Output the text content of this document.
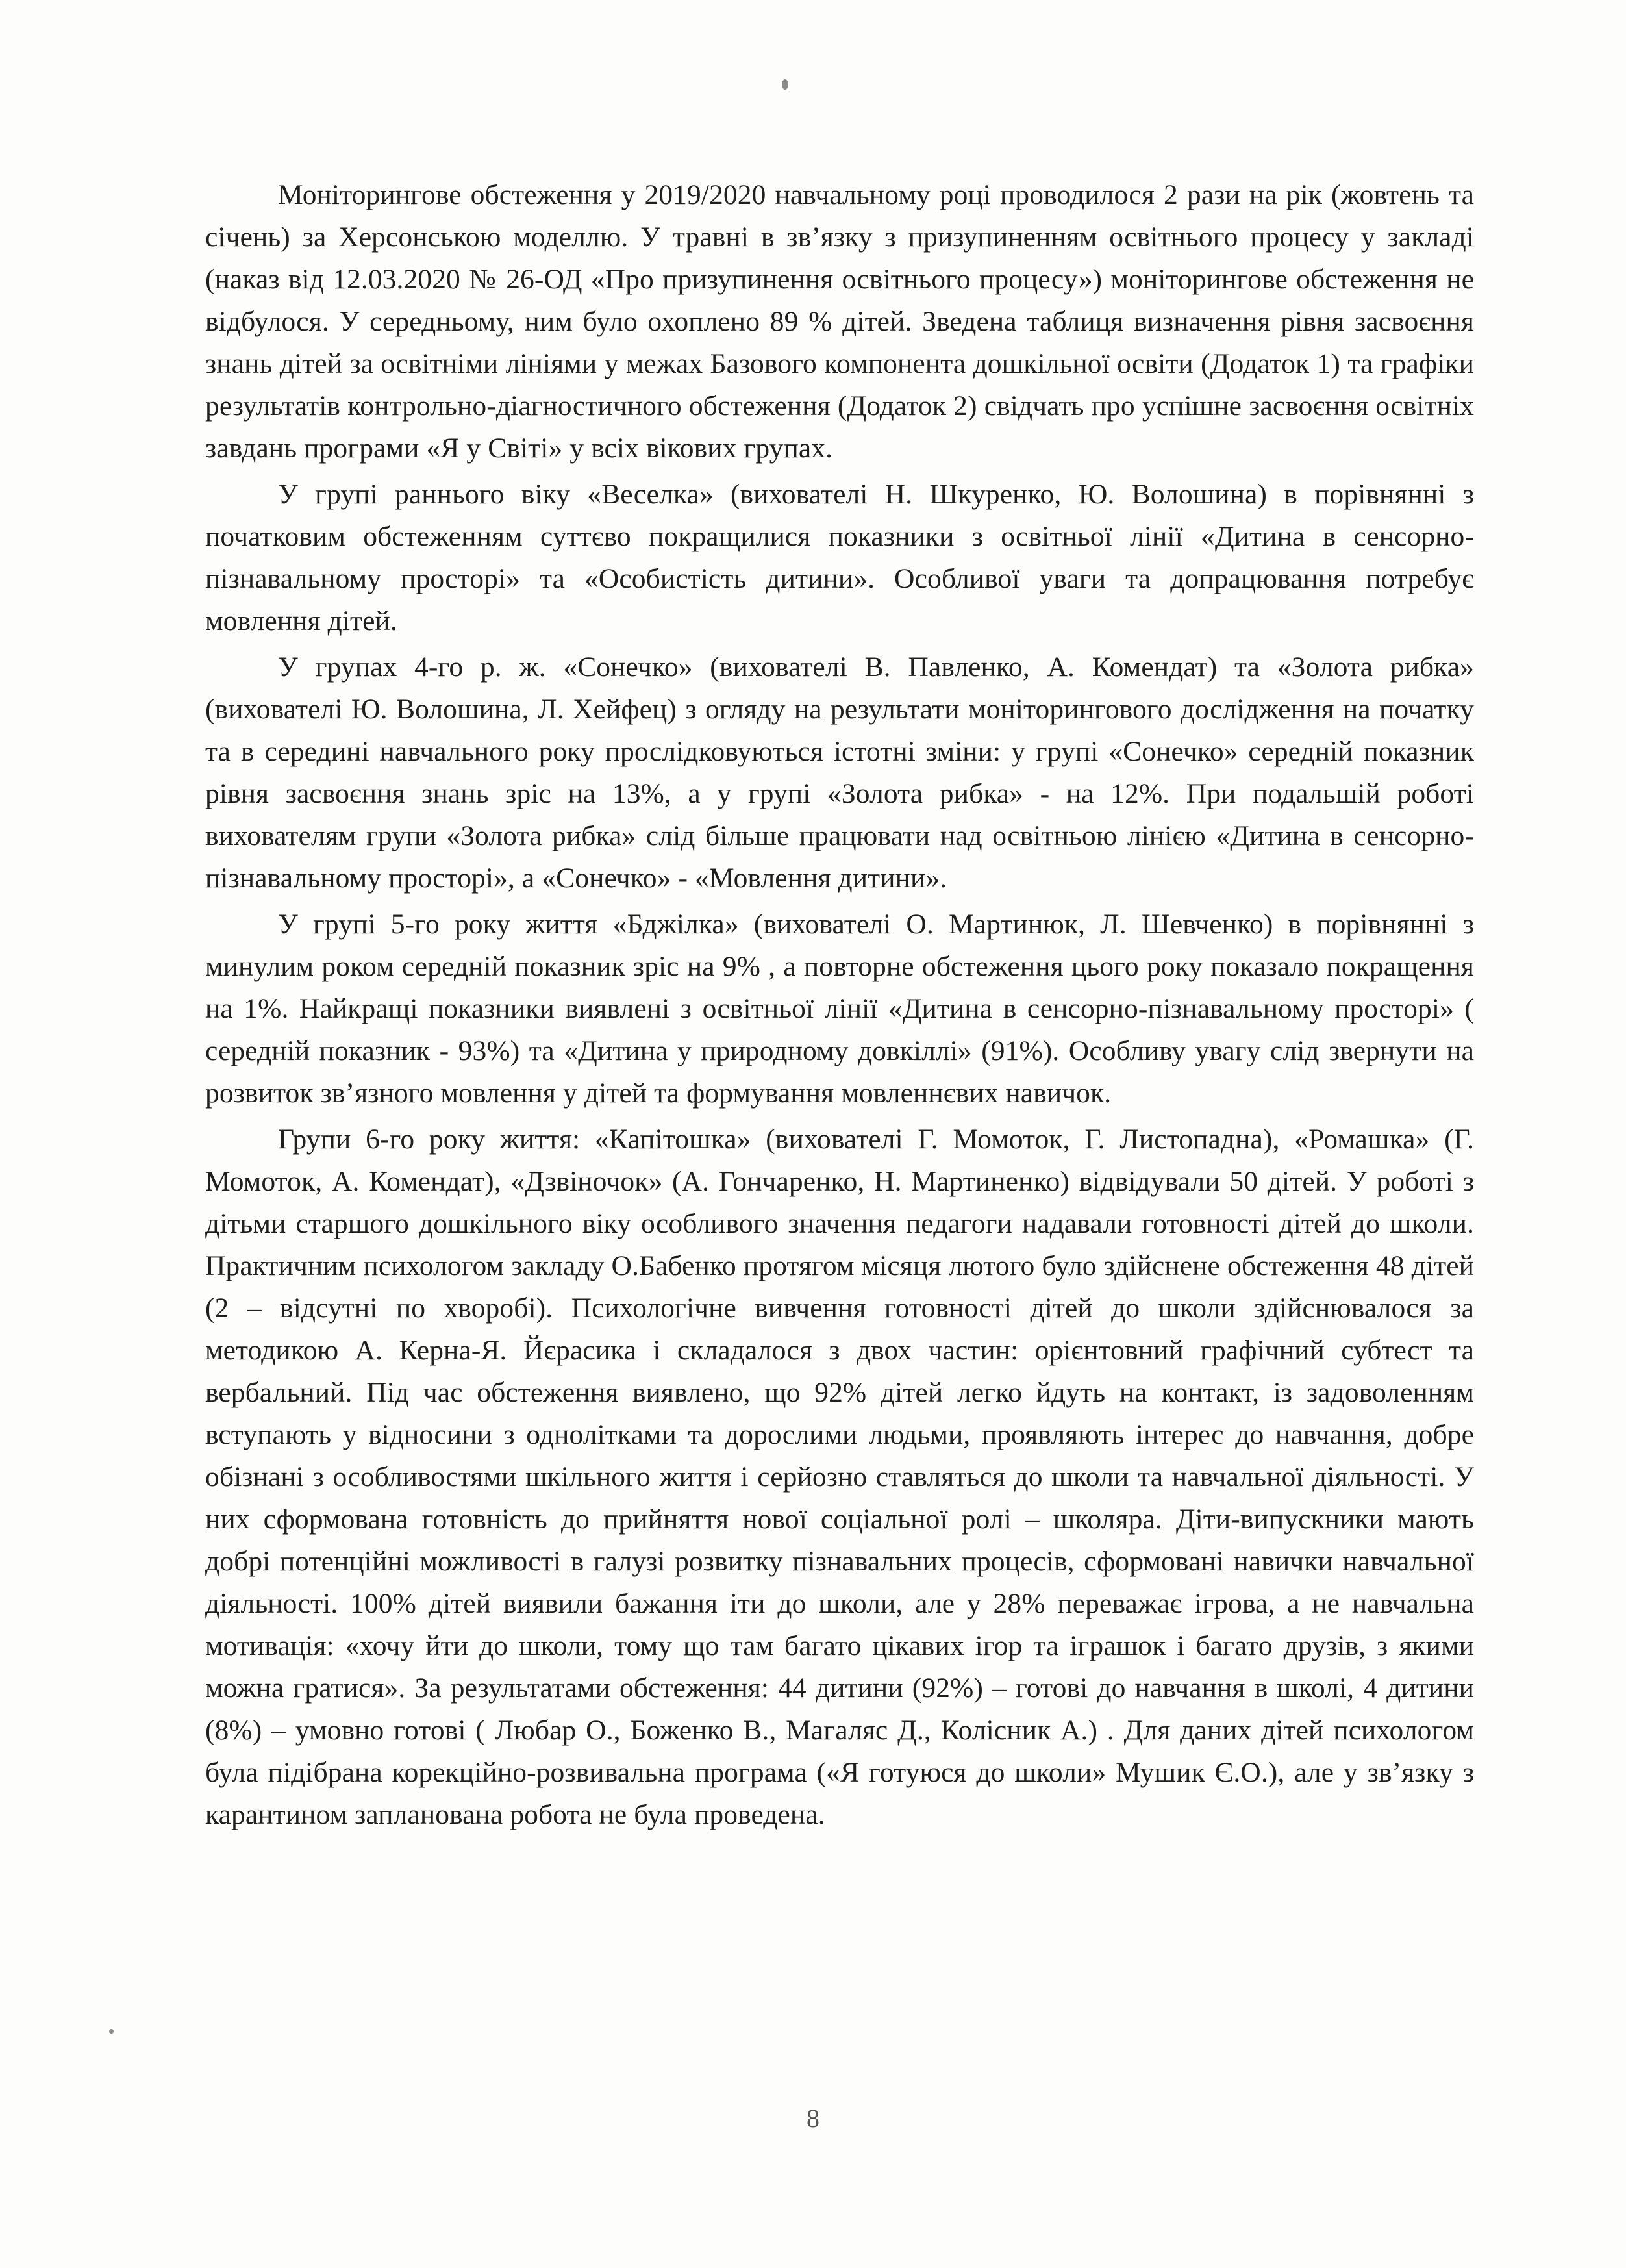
Моніторингове обстеження у 2019/2020 навчальному році проводилося 2 рази на рік (жовтень та січень) за Херсонською моделлю. У травні в зв’язку з призупиненням освітнього процесу у закладі (наказ від 12.03.2020 № 26-ОД «Про призупинення освітнього процесу») моніторингове обстеження не відбулося. У середньому, ним було охоплено 89 % дітей. Зведена таблиця визначення рівня засвоєння знань дітей за освітніми лініями у межах Базового компонента дошкільної освіти (Додаток 1) та графіки результатів контрольно-діагностичного обстеження (Додаток 2) свідчать про успішне засвоєння освітніх завдань програми «Я у Світі» у всіх вікових групах.

У групі раннього віку «Веселка» (вихователі Н. Шкуренко, Ю. Волошина) в порівнянні з початковим обстеженням суттєво покращилися показники з освітньої лінії «Дитина в сенсорно-пізнавальному просторі» та «Особистість дитини». Особливої уваги та допрацювання потребує мовлення дітей.

У групах 4-го р. ж. «Сонечко» (вихователі В. Павленко, А. Комендат) та «Золота рибка» (вихователі Ю. Волошина, Л. Хейфец) з огляду на результати моніторингового дослідження на початку та в середині навчального року прослідковуються істотні зміни: у групі «Сонечко» середній показник рівня засвоєння знань зріс на 13%, а у групі «Золота рибка» - на 12%. При подальшій роботі вихователям групи «Золота рибка» слід більше працювати над освітньою лінією «Дитина в сенсорно-пізнавальному просторі», а «Сонечко» - «Мовлення дитини».

У групі 5-го року життя «Бджілка» (вихователі О. Мартинюк, Л. Шевченко) в порівнянні з минулим роком середній показник зріс на 9% , а повторне обстеження цього року показало покращення на 1%. Найкращі показники виявлені з освітньої лінії «Дитина в сенсорно-пізнавальному просторі» ( середній показник - 93%) та «Дитина у природному довкіллі» (91%). Особливу увагу слід звернути на розвиток зв’язного мовлення у дітей та формування мовленнєвих навичок.

Групи 6-го року життя: «Капітошка» (вихователі Г. Момоток, Г. Листопадна), «Ромашка» (Г. Момоток, А. Комендат), «Дзвіночок» (А. Гончаренко, Н. Мартиненко) відвідували 50 дітей. У роботі з дітьми старшого дошкільного віку особливого значення педагоги надавали готовності дітей до школи. Практичним психологом закладу О.Бабенко протягом місяця лютого було здійснене обстеження 48 дітей (2 – відсутні по хворобі). Психологічне вивчення готовності дітей до школи здійснювалося за методикою А. Керна-Я. Йєрасика і складалося з двох частин: орієнтовний графічний субтест та вербальний. Під час обстеження виявлено, що 92% дітей легко йдуть на контакт, із задоволенням вступають у відносини з однолітками та дорослими людьми, проявляють інтерес до навчання, добре обізнані з особливостями шкільного життя і серйозно ставляться до школи та навчальної діяльності. У них сформована готовність до прийняття нової соціальної ролі – школяра. Діти-випускники мають добрі потенційні можливості в галузі розвитку пізнавальних процесів, сформовані навички навчальної діяльності. 100% дітей виявили бажання іти до школи, але у 28% переважає ігрова, а не навчальна мотивація: «хочу йти до школи, тому що там багато цікавих ігор та іграшок і багато друзів, з якими можна гратися». За результатами обстеження: 44 дитини (92%) – готові до навчання в школі, 4 дитини (8%) – умовно готові ( Любар О., Боженко В., Магаляс Д., Колісник А.) . Для даних дітей психологом була підібрана корекційно-розвивальна програма («Я готуюся до школи» Мушик Є.О.), але у зв’язку з карантином запланована робота не була проведена.

8
